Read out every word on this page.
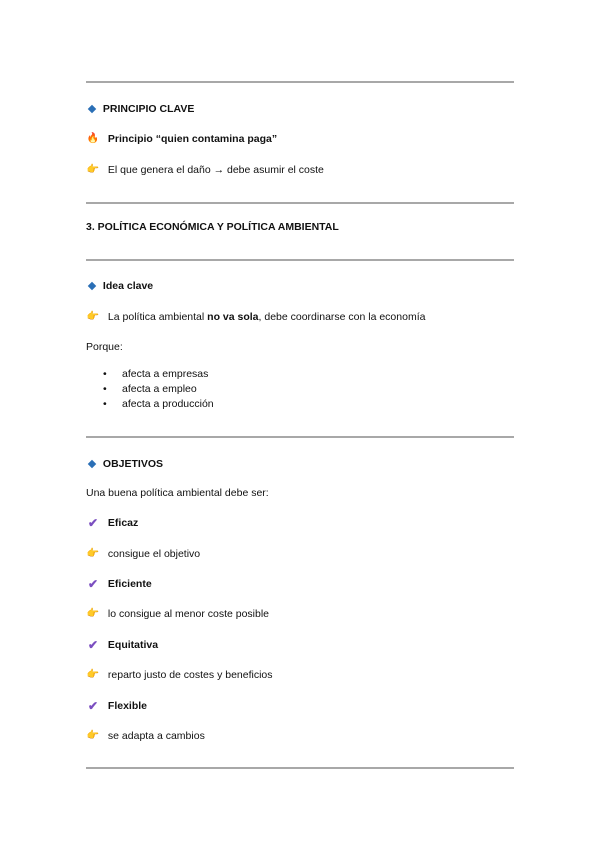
PRINCIPIO CLAVE
🔥 Principio “quien contamina paga”
👉 El que genera el daño → debe asumir el coste
3. POLÍTICA ECONÓMICA Y POLÍTICA AMBIENTAL
Idea clave
👉 La política ambiental no va sola, debe coordinarse con la economía
Porque:
• afecta a empresas
• afecta a empleo
• afecta a producción
OBJETIVOS
Una buena política ambiental debe ser:
✔ Eficaz
👉 consigue el objetivo
✔ Eficiente
👉 lo consigue al menor coste posible
✔ Equitativa
👉 reparto justo de costes y beneficios
✔ Flexible
👉 se adapta a cambios
